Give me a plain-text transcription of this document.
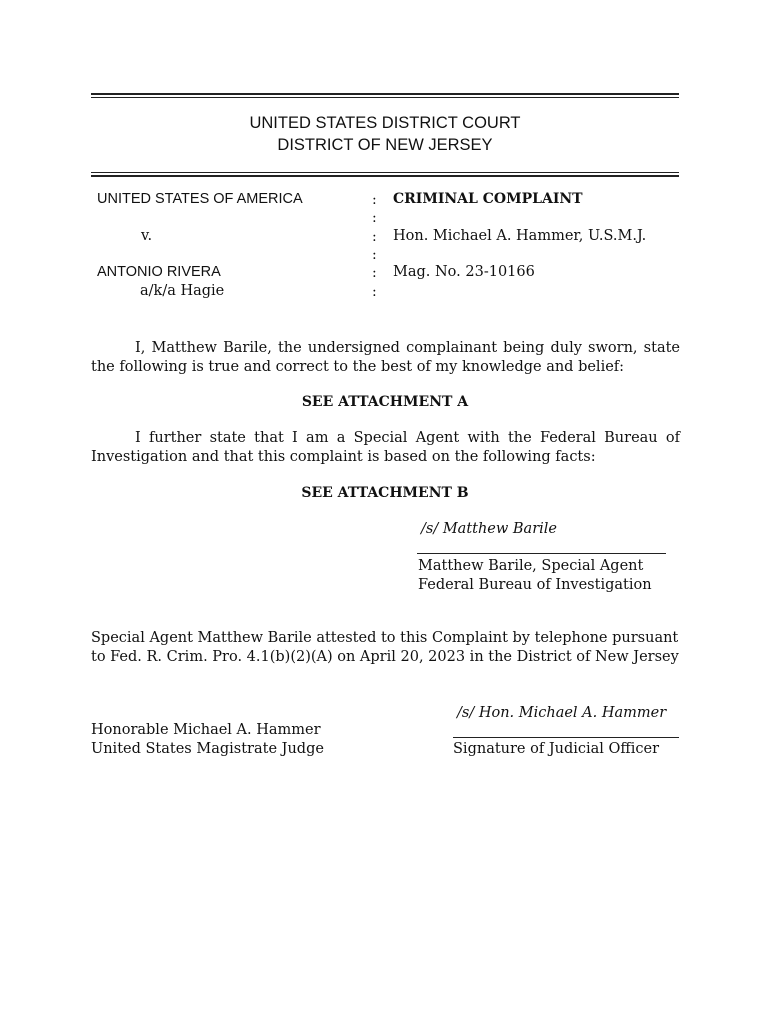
UNITED STATES DISTRICT COURT
DISTRICT OF NEW JERSEY
UNITED STATES OF AMERICA
v.
ANTONIO RIVERA
a/k/a Hagie
:
:
:
:
:
:
CRIMINAL COMPLAINT
Hon. Michael A. Hammer, U.S.M.J.
Mag. No. 23-10166
I, Matthew Barile, the undersigned complainant being duly sworn, state the following is true and correct to the best of my knowledge and belief:
SEE ATTACHMENT A
I further state that I am a Special Agent with the Federal Bureau of Investigation and that this complaint is based on the following facts:
SEE ATTACHMENT B
/s/ Matthew Barile
Matthew Barile, Special Agent
Federal Bureau of Investigation
Special Agent Matthew Barile attested to this Complaint by telephone pursuant to Fed. R. Crim. Pro. 4.1(b)(2)(A) on April 20, 2023 in the District of New Jersey
/s/ Hon. Michael A. Hammer
Honorable Michael A. Hammer
United States Magistrate Judge	Signature of Judicial Officer
